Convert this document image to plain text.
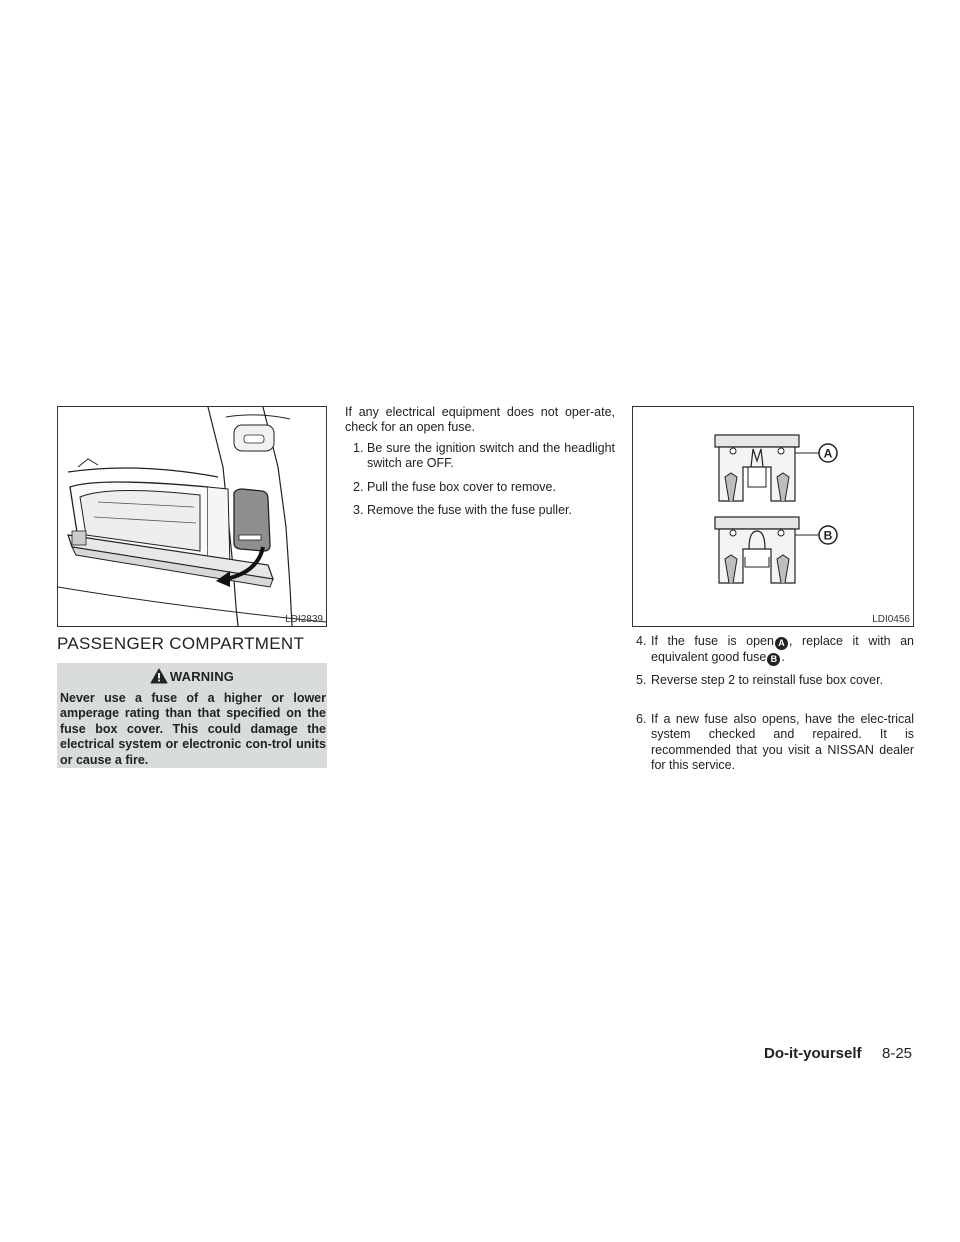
LDI2839
PASSENGER COMPARTMENT
WARNING
Never use a fuse of a higher or lower amperage rating than that specified on the fuse box cover. This could damage the electrical system or electronic con-trol units or cause a fire.
If any electrical equipment does not oper-ate, check for an open fuse.
1. Be sure the ignition switch and the headlight switch are OFF.
2. Pull the fuse box cover to remove.
3. Remove the fuse with the fuse puller.
A
B
LDI0456
4. If the fuse is open A , replace it with an equivalent good fuse B .
5. Reverse step 2 to reinstall fuse box cover.
6. If a new fuse also opens, have the elec-trical system checked and repaired. It is recommended that you visit a NISSAN dealer for this service.
Do-it-yourself 8-25
